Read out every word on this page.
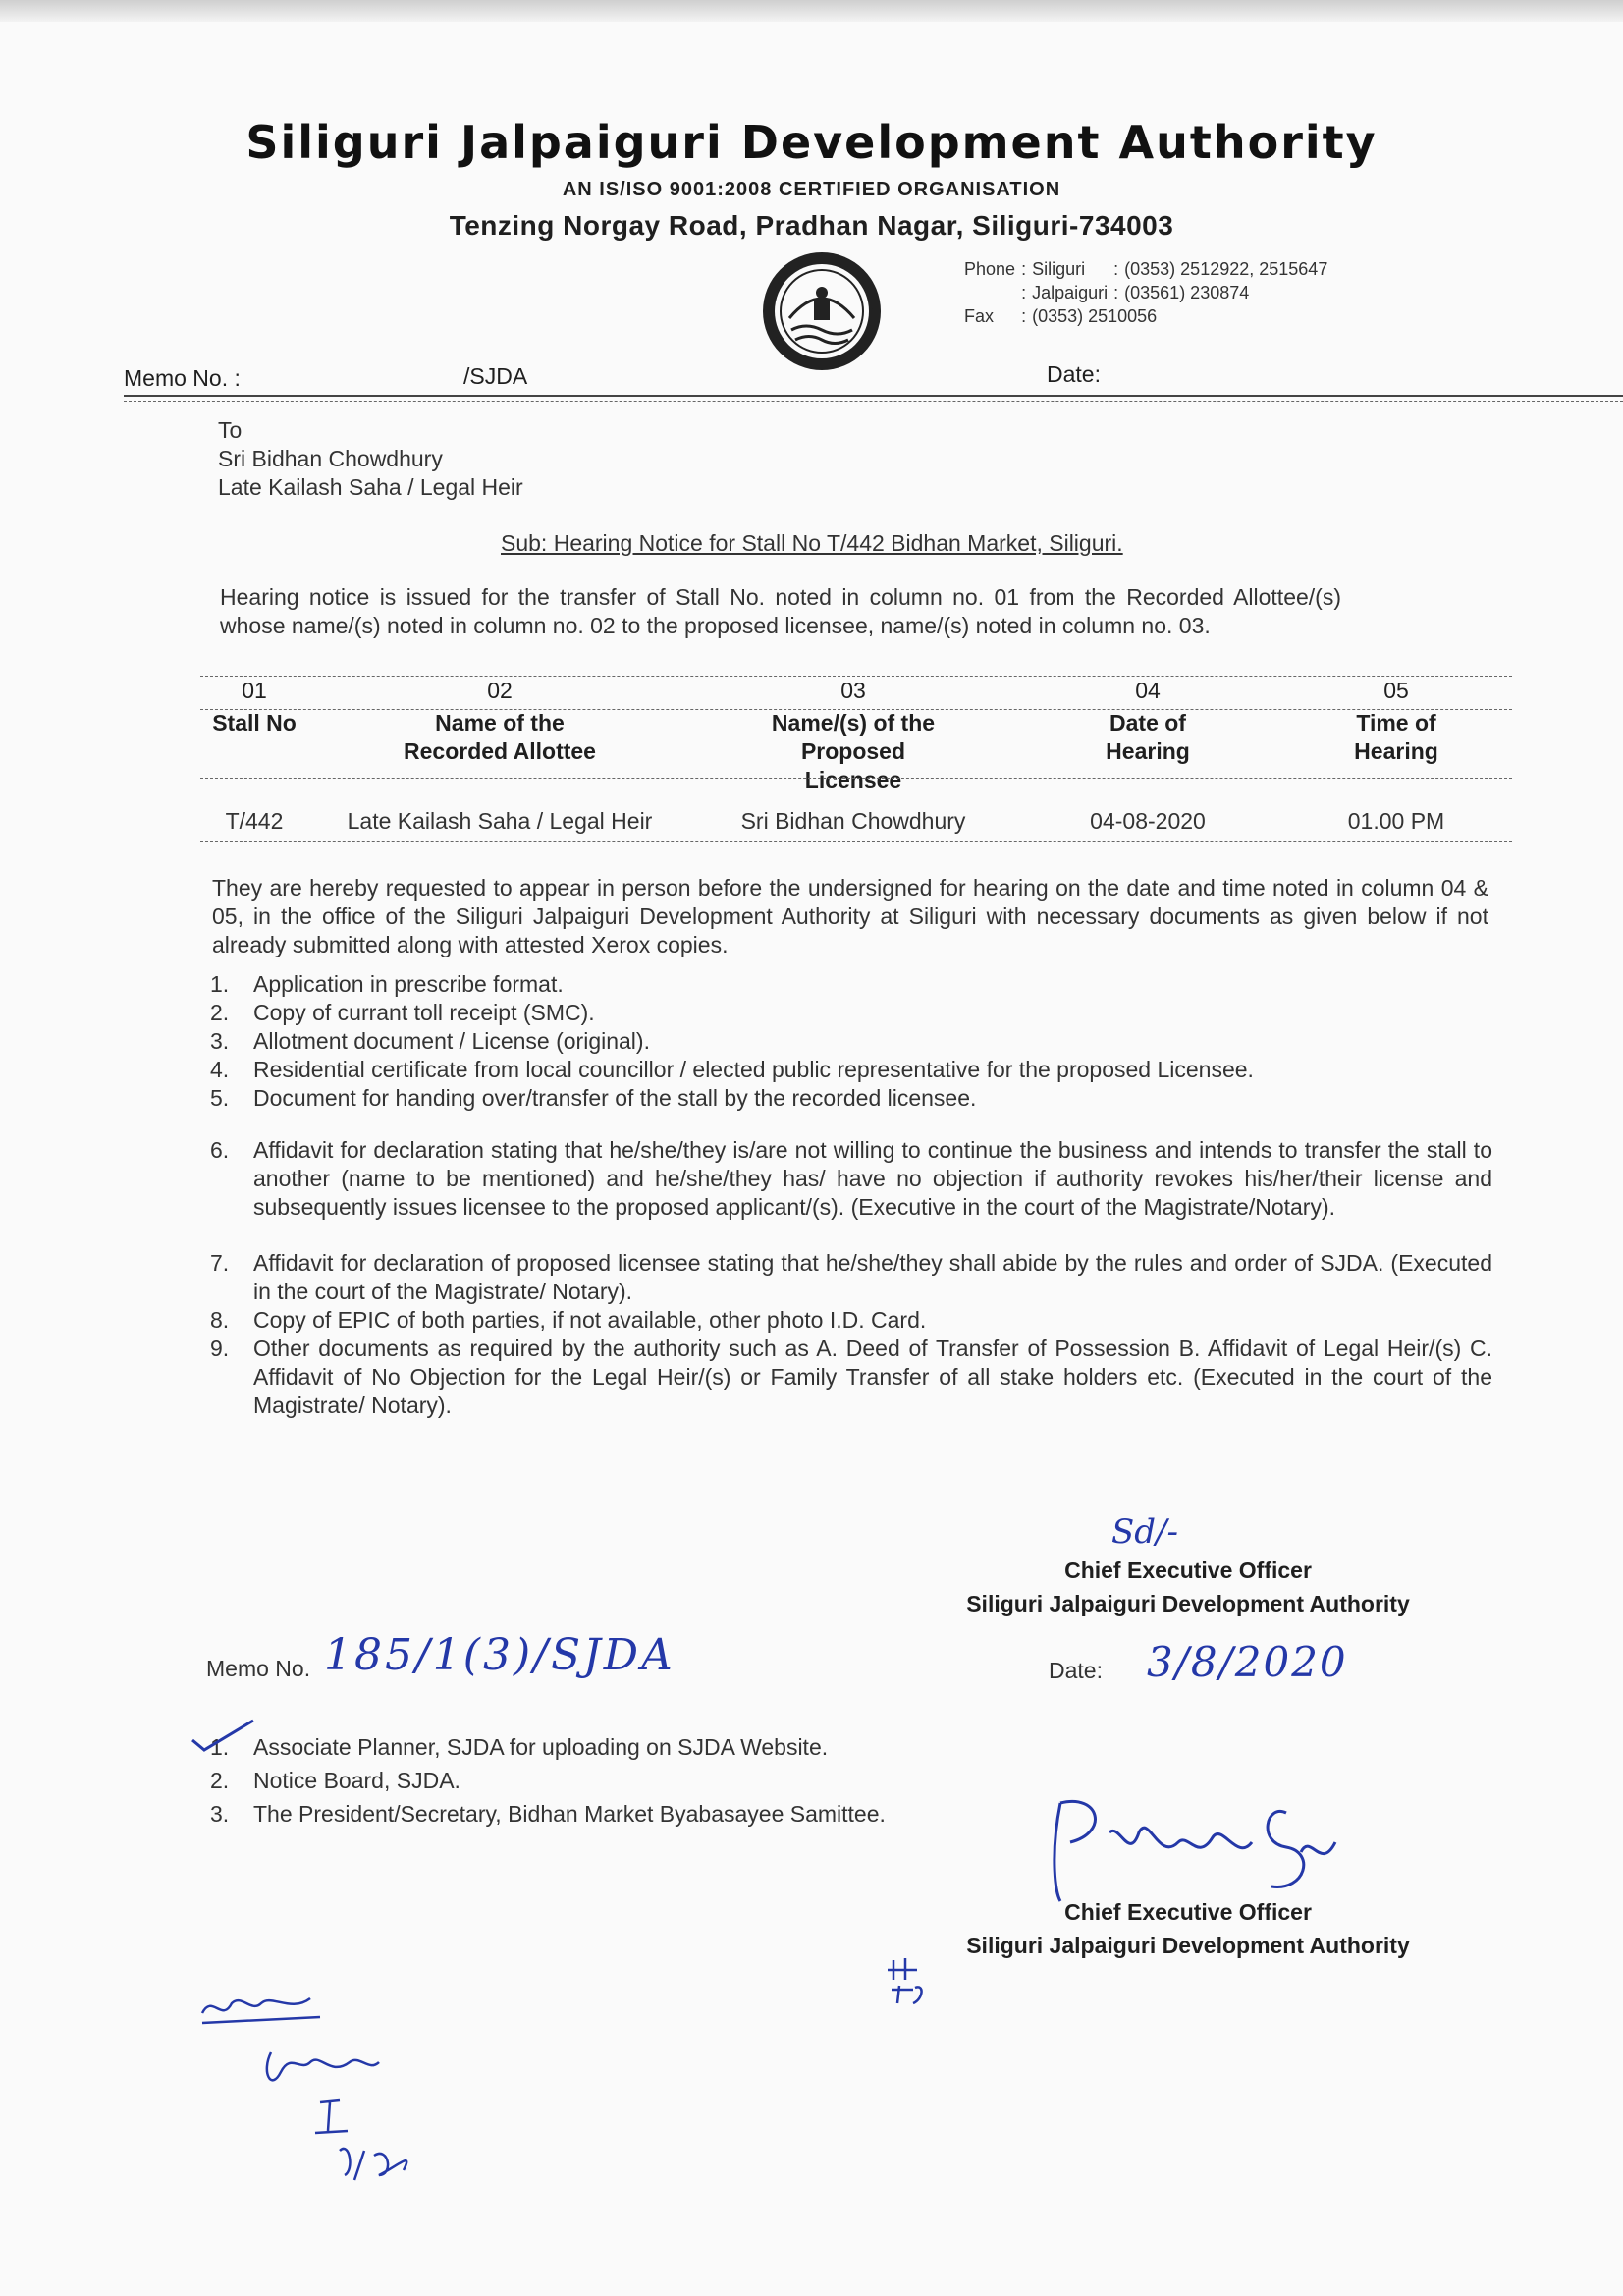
Siliguri Jalpaiguri Development Authority
AN IS/ISO 9001:2008 CERTIFIED ORGANISATION
Tenzing Norgay Road, Pradhan Nagar, Siliguri-734003
Phone	:	Siliguri	:	(0353) 2512922, 2515647
	:	Jalpaiguri	:	(03561) 230874
Fax	:	(0353) 2510056		
Memo No. :	/SJDA	Date:
To
Sri Bidhan Chowdhury
Late Kailash Saha / Legal Heir
Sub: Hearing Notice for Stall No T/442 Bidhan Market, Siliguri.
Hearing notice is issued for the transfer of Stall No. noted in column no. 01 from the Recorded Allottee/(s) whose name/(s) noted in column no. 02 to the proposed licensee, name/(s) noted in column no. 03.
01	02	03	04	05
Stall No	Name of the Recorded Allottee	Name/(s) of the Proposed Licensee	Date of Hearing	Time of Hearing
T/442	Late Kailash Saha / Legal Heir	Sri Bidhan Chowdhury	04-08-2020	01.00 PM
They are hereby requested to appear in person before the undersigned for hearing on the date and time noted in column 04 & 05, in the office of the Siliguri Jalpaiguri Development Authority at Siliguri with necessary documents as given below if not already submitted along with attested Xerox copies.
1.	Application in prescribe format.
2.	Copy of currant toll receipt (SMC).
3.	Allotment document / License (original).
4.	Residential certificate from local councillor / elected public representative for the proposed Licensee.
5.	Document for handing over/transfer of the stall by the recorded licensee.
6.	Affidavit for declaration stating that he/she/they is/are not willing to continue the business and intends to transfer the stall to another (name to be mentioned) and he/she/they has/ have no objection if authority revokes his/her/their license and subsequently issues licensee to the proposed applicant/(s). (Executive in the court of the Magistrate/Notary).
7.	Affidavit for declaration of proposed licensee stating that he/she/they shall abide by the rules and order of SJDA. (Executed in the court of the Magistrate/ Notary).
8.	Copy of EPIC of both parties, if not available, other photo I.D. Card.
9.	Other documents as required by the authority such as A. Deed of Transfer of Possession B. Affidavit of Legal Heir/(s) C. Affidavit of No Objection for the Legal Heir/(s) or Family Transfer of all stake holders etc. (Executed in the court of the Magistrate/ Notary).
Sd/-
Chief Executive Officer
Siliguri Jalpaiguri Development Authority
Memo No. 185/1(3)/SJDA	Date: 3/8/2020
1. Associate Planner, SJDA for uploading on SJDA Website.
2. Notice Board, SJDA.
3. The President/Secretary, Bidhan Market Byabasayee Samittee.
Chief Executive Officer
Siliguri Jalpaiguri Development Authority
